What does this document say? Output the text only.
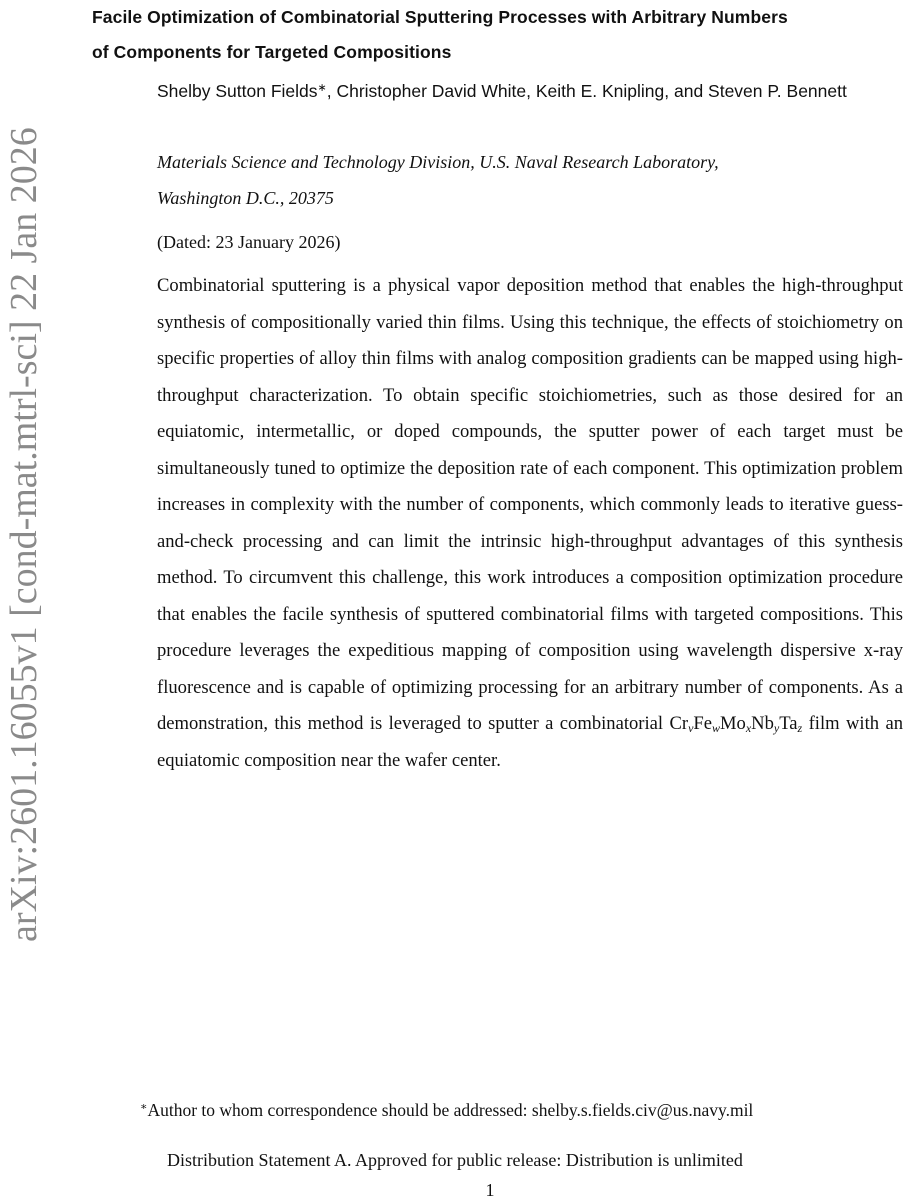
arXiv:2601.16055v1 [cond-mat.mtrl-sci] 22 Jan 2026
Facile Optimization of Combinatorial Sputtering Processes with Arbitrary Numbers
of Components for Targeted Compositions
Shelby Sutton Fields∗, Christopher David White, Keith E. Knipling, and Steven P. Bennett
Materials Science and Technology Division, U.S. Naval Research Laboratory,
Washington D.C., 20375
(Dated: 23 January 2026)
Combinatorial sputtering is a physical vapor deposition method that enables the high-throughput synthesis of compositionally varied thin films. Using this technique, the effects of stoichiometry on specific properties of alloy thin films with analog composition gradients can be mapped using high-throughput characterization. To obtain specific stoichiometries, such as those desired for an equiatomic, intermetallic, or doped compounds, the sputter power of each target must be simultaneously tuned to optimize the deposition rate of each component. This optimization problem increases in complexity with the number of components, which commonly leads to iterative guess-and-check processing and can limit the intrinsic high-throughput advantages of this synthesis method. To circumvent this challenge, this work introduces a composition optimization procedure that enables the facile synthesis of sputtered combinatorial films with targeted compositions. This procedure leverages the expeditious mapping of composition using wavelength dispersive x-ray fluorescence and is capable of optimizing processing for an arbitrary number of components. As a demonstration, this method is leveraged to sputter a combinatorial $Cr_vFe_wMo_xNb_yTa_z$ film with an equiatomic composition near the wafer center.
∗Author to whom correspondence should be addressed: shelby.s.fields.civ@us.navy.mil
Distribution Statement A. Approved for public release: Distribution is unlimited
1
